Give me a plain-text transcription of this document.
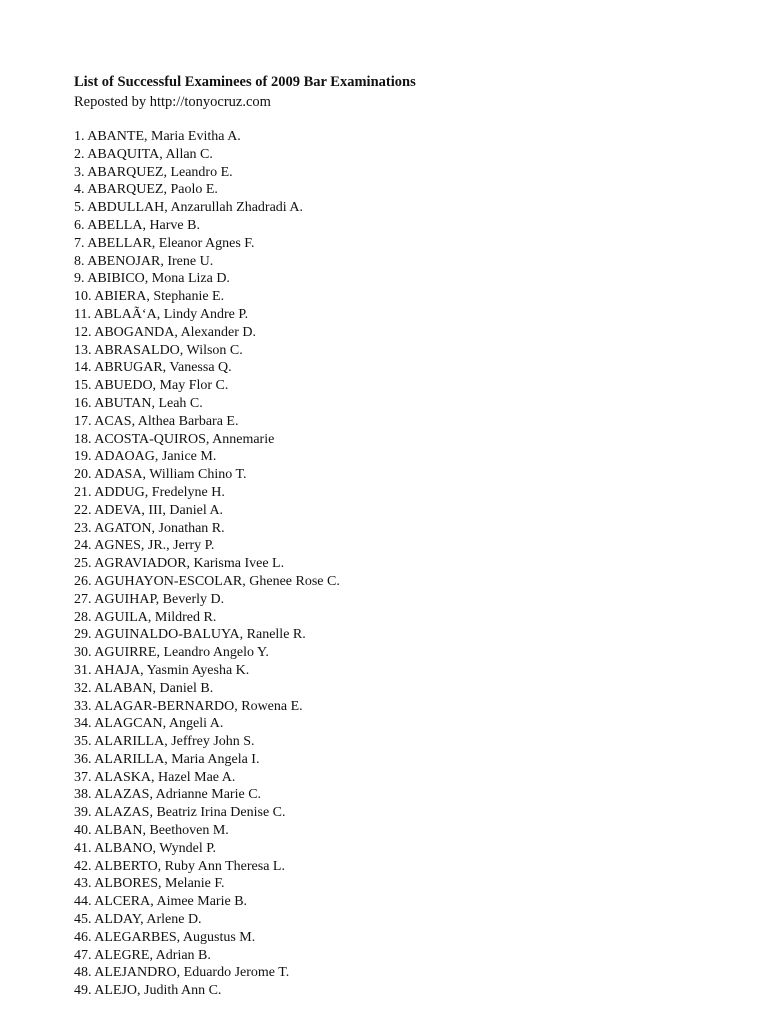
List of Successful Examinees of 2009 Bar Examinations

Reposted by http://tonyocruz.com

1. ABANTE, Maria Evitha A.
2. ABAQUITA, Allan C.
3. ABARQUEZ, Leandro E.
4. ABARQUEZ, Paolo E.
5. ABDULLAH, Anzarullah Zhadradi A.
6. ABELLA, Harve B.
7. ABELLAR, Eleanor Agnes F.
8. ABENOJAR, Irene U.
9. ABIBICO, Mona Liza D.
10. ABIERA, Stephanie E.
11. ABLAÃ‘A, Lindy Andre P.
12. ABOGANDA, Alexander D.
13. ABRASALDO, Wilson C.
14. ABRUGAR, Vanessa Q.
15. ABUEDO, May Flor C.
16. ABUTAN, Leah C.
17. ACAS, Althea Barbara E.
18. ACOSTA-QUIROS, Annemarie
19. ADAOAG, Janice M.
20. ADASA, William Chino T.
21. ADDUG, Fredelyne H.
22. ADEVA, III, Daniel A.
23. AGATON, Jonathan R.
24. AGNES, JR., Jerry P.
25. AGRAVIADOR, Karisma Ivee L.
26. AGUHAYON-ESCOLAR, Ghenee Rose C.
27. AGUIHAP, Beverly D.
28. AGUILA, Mildred R.
29. AGUINALDO-BALUYA, Ranelle R.
30. AGUIRRE, Leandro Angelo Y.
31. AHAJA, Yasmin Ayesha K.
32. ALABAN, Daniel B.
33. ALAGAR-BERNARDO, Rowena E.
34. ALAGCAN, Angeli A.
35. ALARILLA, Jeffrey John S.
36. ALARILLA, Maria Angela I.
37. ALASKA, Hazel Mae A.
38. ALAZAS, Adrianne Marie C.
39. ALAZAS, Beatriz Irina Denise C.
40. ALBAN, Beethoven M.
41. ALBANO, Wyndel P.
42. ALBERTO, Ruby Ann Theresa L.
43. ALBORES, Melanie F.
44. ALCERA, Aimee Marie B.
45. ALDAY, Arlene D.
46. ALEGARBES, Augustus M.
47. ALEGRE, Adrian B.
48. ALEJANDRO, Eduardo Jerome T.
49. ALEJO, Judith Ann C.
